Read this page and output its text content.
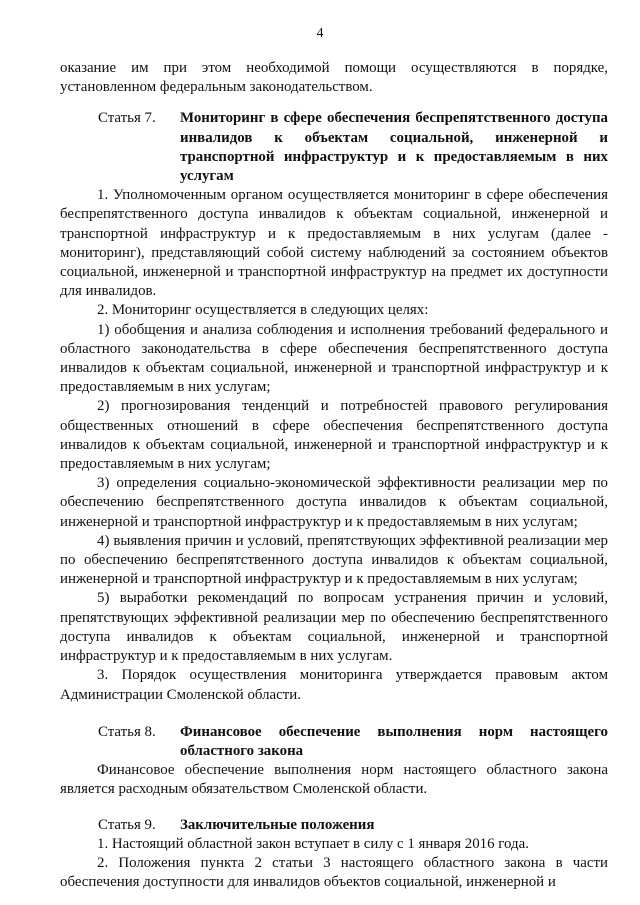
4

оказание им при этом необходимой помощи осуществляются в порядке, установленном федеральным законодательством.

Статья 7.	Мониторинг в сфере обеспечения беспрепятственного доступа инвалидов к объектам социальной, инженерной и транспортной инфраструктур и к предоставляемым в них услугам

1. Уполномоченным органом осуществляется мониторинг в сфере обеспечения беспрепятственного доступа инвалидов к объектам социальной, инженерной и транспортной инфраструктур и к предоставляемым в них услугам (далее - мониторинг), представляющий собой систему наблюдений за состоянием объектов социальной, инженерной и транспортной инфраструктур на предмет их доступности для инвалидов.

2. Мониторинг осуществляется в следующих целях:

1) обобщения и анализа соблюдения и исполнения требований федерального и областного законодательства в сфере обеспечения беспрепятственного доступа инвалидов к объектам социальной, инженерной и транспортной инфраструктур и к предоставляемым в них услугам;

2) прогнозирования тенденций и потребностей правового регулирования общественных отношений в сфере обеспечения беспрепятственного доступа инвалидов к объектам социальной, инженерной и транспортной инфраструктур и к предоставляемым в них услугам;

3) определения социально-экономической эффективности реализации мер по обеспечению беспрепятственного доступа инвалидов к объектам социальной, инженерной и транспортной инфраструктур и к предоставляемым в них услугам;

4) выявления причин и условий, препятствующих эффективной реализации мер по обеспечению беспрепятственного доступа инвалидов к объектам социальной, инженерной и транспортной инфраструктур и к предоставляемым в них услугам;

5) выработки рекомендаций по вопросам устранения причин и условий, препятствующих эффективной реализации мер по обеспечению беспрепятственного доступа инвалидов к объектам социальной, инженерной и транспортной инфраструктур и к предоставляемым в них услугам.

3. Порядок осуществления мониторинга утверждается правовым актом Администрации Смоленской области.

Статья 8.	Финансовое обеспечение выполнения норм настоящего областного закона

Финансовое обеспечение выполнения норм настоящего областного закона является расходным обязательством Смоленской области.

Статья 9.	Заключительные положения

1. Настоящий областной закон вступает в силу с 1 января 2016 года.

2. Положения пункта 2 статьи 3 настоящего областного закона в части обеспечения доступности для инвалидов объектов социальной, инженерной и
